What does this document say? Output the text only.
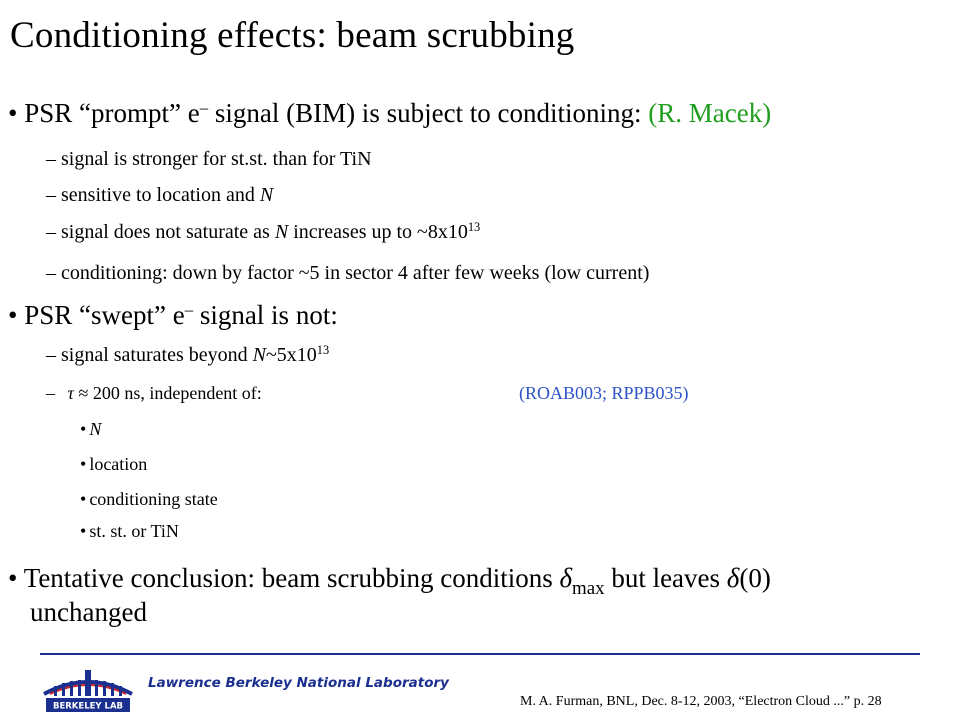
Conditioning effects: beam scrubbing
• PSR “prompt” e– signal (BIM) is subject to conditioning: (R. Macek)
– signal is stronger for st.st. than for TiN
– sensitive to location and N
– signal does not saturate as N increases up to $\sim 8x10^{13}$
– conditioning: down by factor ~5 in sector 4 after few weeks (low current)
• PSR “swept” e– signal is not:
– signal saturates beyond $N\sim 5x10^{13}$
– τ ≈ 200 ns, independent of:	(ROAB003; RPPB035)
• N
• location
• conditioning state
• st. st. or TiN
• Tentative conclusion: beam scrubbing conditions $\delta_{max}$ but leaves δ(0)
unchanged
BERKELEY LAB
Lawrence Berkeley National Laboratory
M. A. Furman, BNL, Dec. 8-12, 2003, “Electron Cloud ...” p. 28
